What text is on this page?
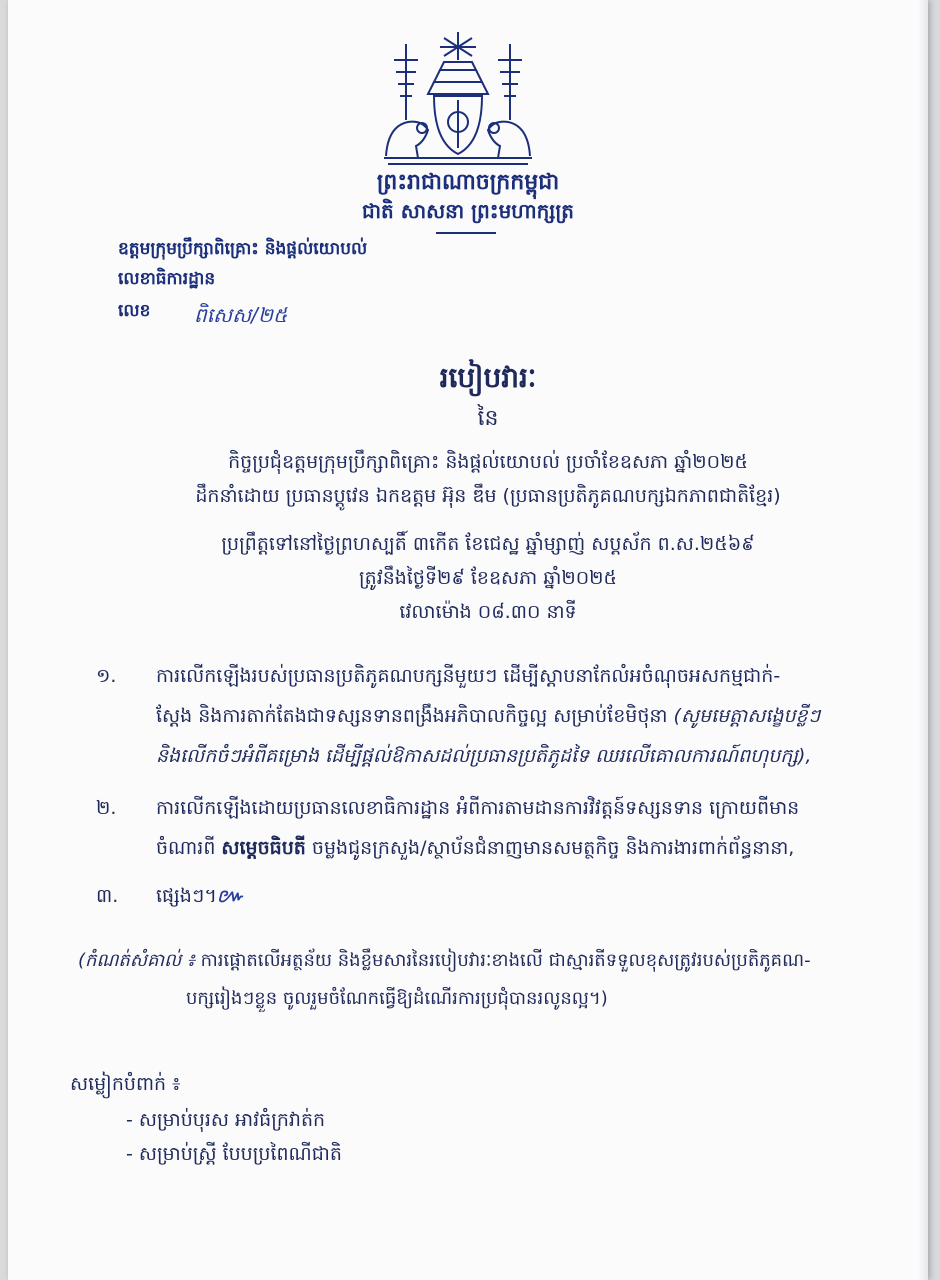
ព្រះរាជាណាចក្រកម្ពុជា
ជាតិ សាសនា ព្រះមហាក្សត្រ
ឧត្តមក្រុមប្រឹក្សាពិគ្រោះ និងផ្តល់យោបល់
លេខាធិការដ្ឋាន
លេខ ពិសេស/២៥
របៀបវារៈ
នៃ
កិច្ចប្រជុំឧត្តមក្រុមប្រឹក្សាពិគ្រោះ និងផ្តល់យោបល់ ប្រចាំខែឧសភា ឆ្នាំ២០២៥
ដឹកនាំដោយ ប្រធានប្តូវេន ឯកឧត្តម អ៊ុន ឌឹម (ប្រធានប្រតិភូគណបក្សឯកភាពជាតិខ្មែរ)
ប្រព្រឹត្តទៅនៅថ្ងៃព្រហស្បតិ៍ ៣កើត ខែជេស្ឋ ឆ្នាំម្សាញ់ សប្តស័ក ព.ស.២៥៦៩
ត្រូវនឹងថ្ងៃទី២៩ ខែឧសភា ឆ្នាំ២០២៥
វេលាម៉ោង ០៨.៣០ នាទី
១. ការលើកឡើងរបស់ប្រធានប្រតិភូគណបក្សនីមួយៗ ដើម្បីស្តាបនាកែលំអចំណុចអសកម្មជាក់-
ស្តែង និងការតាក់តែងជាទស្សនទានពង្រឹងអភិបាលកិច្ចល្អ សម្រាប់ខែមិថុនា (សូមមេត្តាសង្ខេបខ្លីៗ
និងលើកចំៗអំពីគម្រោង ដើម្បីផ្តល់ឱកាសដល់ប្រធានប្រតិភូដទៃ ឈរលើគោលការណ៍ពហុបក្ស),
២. ការលើកឡើងដោយប្រធានលេខាធិការដ្ឋាន អំពីការតាមដានការវិវត្តន៍ទស្សនទាន ក្រោយពីមាន
ចំណារពី សម្តេចធិបតី ចម្លងជូនក្រសួង/ស្ថាប័នជំនាញមានសមត្ថកិច្ច និងការងារពាក់ព័ន្ធនានា,
៣. ផ្សេងៗ។៚
(កំណត់សំគាល់ ៖ ការផ្តោតលើអត្ថន័យ និងខ្លឹមសារនៃរបៀបវារៈខាងលើ ជាស្មារតីទទួលខុសត្រូវរបស់ប្រតិភូគណ-
បក្សរៀងៗខ្លួន ចូលរួមចំណែកធ្វើឱ្យដំណើរការប្រជុំបានរលូនល្អ។)
សម្លៀកបំពាក់ ៖
- សម្រាប់បុរស អាវធំក្រវាត់ក
- សម្រាប់ស្ត្រី បែបប្រពៃណីជាតិ
